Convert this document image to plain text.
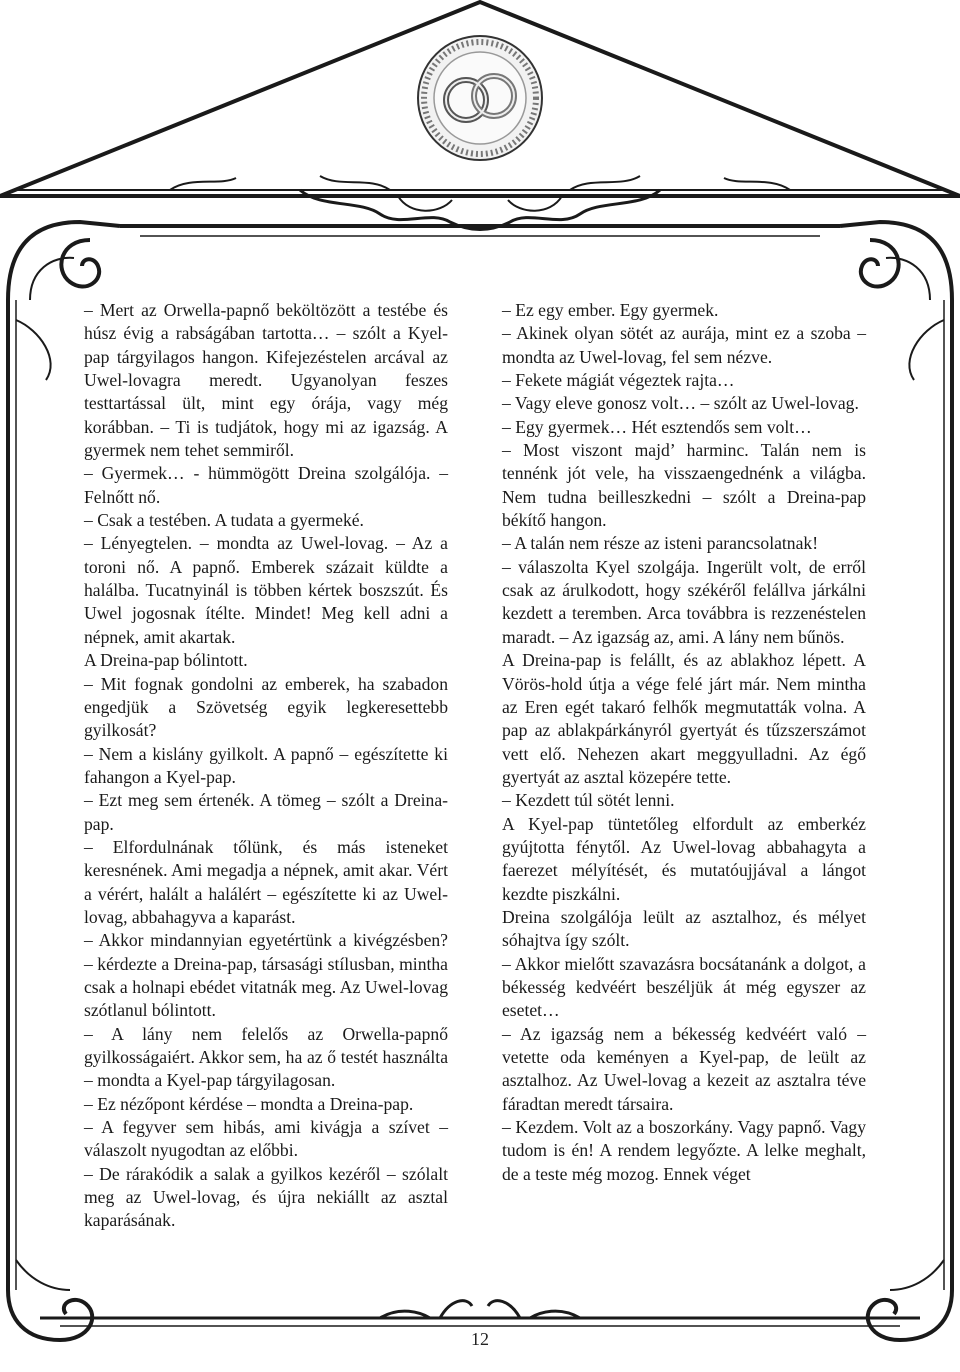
– Mert az Orwella-papnő beköltözött a testébe és húsz évig a rabságában tartotta… – szólt a Kyel-pap tárgyilagos hangon. Kifejezéstelen arcával az Uwel-lovagra meredt. Ugyanolyan feszes testtartással ült, mint egy órája, vagy még korábban. – Ti is tudjátok, hogy mi az igazság. A gyermek nem tehet semmiről.

– Gyermek… - hümmögött Dreina szolgálója. – Felnőtt nő.

– Csak a testében. A tudata a gyermeké.

– Lényegtelen. – mondta az Uwel-lovag. – Az a toroni nő. A papnő. Emberek százait küldte a halálba. Tucatnyinál is többen kértek boszszút. És Uwel jogosnak ítélte. Mindet! Meg kell adni a népnek, amit akartak.

A Dreina-pap bólintott.

– Mit fognak gondolni az emberek, ha szabadon engedjük a Szövetség egyik legkeresettebb gyilkosát?

– Nem a kislány gyilkolt. A papnő – egészítette ki fahangon a Kyel-pap.

– Ezt meg sem értenék. A tömeg – szólt a Dreina-pap.

– Elfordulnának tőlünk, és más isteneket keresnének. Ami megadja a népnek, amit akar. Vért a vérért, halált a halálért – egészítette ki az Uwel-lovag, abbahagyva a kaparást.

– Akkor mindannyian egyetértünk a kivégzésben? – kérdezte a Dreina-pap, társasági stílusban, mintha csak a holnapi ebédet vitatnák meg. Az Uwel-lovag szótlanul bólintott.

– A lány nem felelős az Orwella-papnő gyilkosságaiért. Akkor sem, ha az ő testét használta – mondta a Kyel-pap tárgyilagosan.

– Ez nézőpont kérdése – mondta a Dreina-pap.

– A fegyver sem hibás, ami kivágja a szívet – válaszolt nyugodtan az előbbi.

– De rárakódik a salak a gyilkos kezéről – szólalt meg az Uwel-lovag, és újra nekiállt az asztal kaparásának.

– Ez egy ember. Egy gyermek.

– Akinek olyan sötét az aurája, mint ez a szoba – mondta az Uwel-lovag, fel sem nézve.

– Fekete mágiát végeztek rajta…

– Vagy eleve gonosz volt… – szólt az Uwel-lovag.

– Egy gyermek… Hét esztendős sem volt…

– Most viszont majd’ harminc. Talán nem is tennénk jót vele, ha visszaengednénk a világba. Nem tudna beilleszkedni – szólt a Dreina-pap békítő hangon.

– A talán nem része az isteni parancsolatnak!

– válaszolta Kyel szolgája. Ingerült volt, de erről csak az árulkodott, hogy székéről felállva járkálni kezdett a teremben. Arca továbbra is rezzenéstelen maradt. – Az igazság az, ami. A lány nem bűnös.

A Dreina-pap is felállt, és az ablakhoz lépett. A Vörös-hold útja a vége felé járt már. Nem mintha az Eren egét takaró felhők megmutatták volna. A pap az ablakpárkányról gyertyát és tűzszerszámot vett elő. Nehezen akart meggyulladni. Az égő gyertyát az asztal közepére tette.

– Kezdett túl sötét lenni.

A Kyel-pap tüntetőleg elfordult az emberkéz gyújtotta fénytől. Az Uwel-lovag abbahagyta a faerezet mélyítését, és mutatóujjával a lángot kezdte piszkálni.

Dreina szolgálója leült az asztalhoz, és mélyet sóhajtva így szólt.

– Akkor mielőtt szavazásra bocsátanánk a dolgot, a békesség kedvéért beszéljük át még egyszer az esetet…

– Az igazság nem a békesség kedvéért való – vetette oda keményen a Kyel-pap, de leült az asztalhoz. Az Uwel-lovag a kezeit az asztalra téve fáradtan meredt társaira.

– Kezdem. Volt az a boszorkány. Vagy papnő. Vagy tudom is én! A rendem legyőzte. A lelke meghalt, de a teste még mozog. Ennek véget

12
